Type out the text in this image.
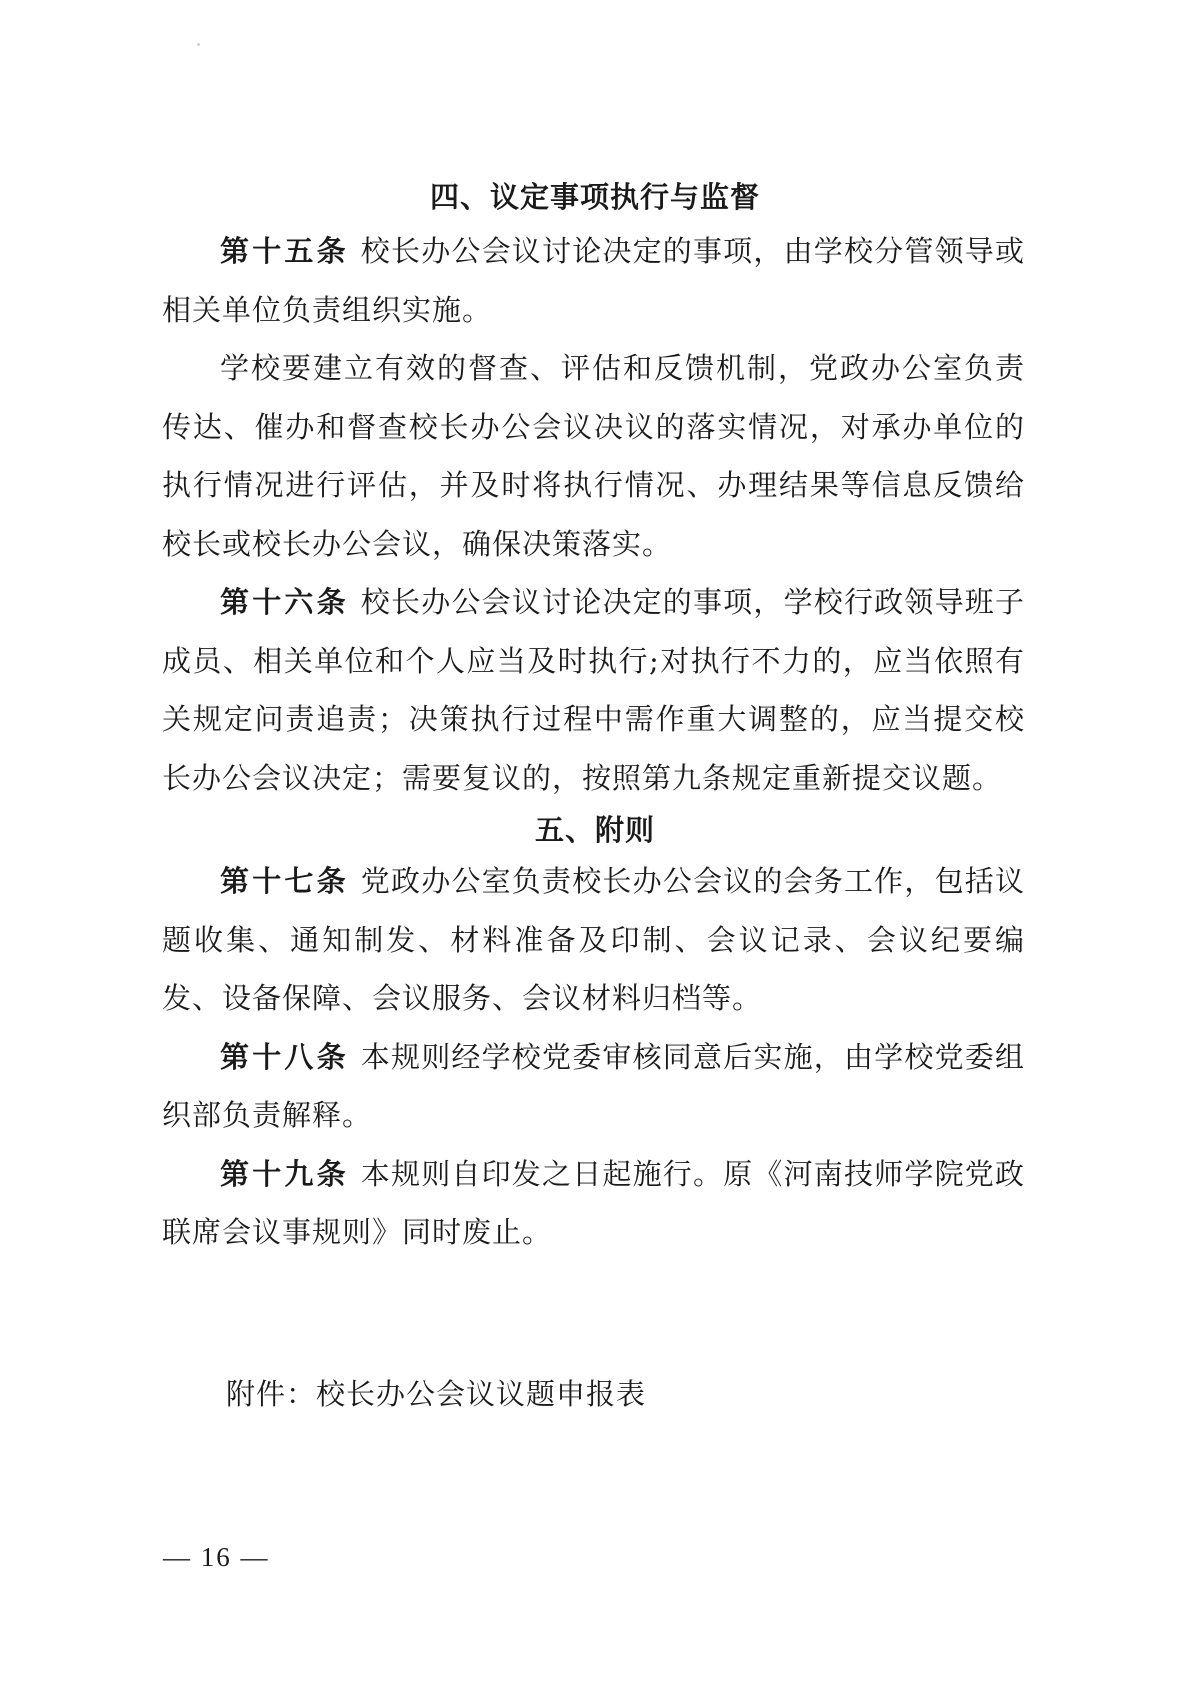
四、议定事项执行与监督

第十五条 校长办公会议讨论决定的事项，由学校分管领导或相关单位负责组织实施。

学校要建立有效的督查、评估和反馈机制，党政办公室负责传达、催办和督查校长办公会议决议的落实情况，对承办单位的执行情况进行评估，并及时将执行情况、办理结果等信息反馈给校长或校长办公会议，确保决策落实。

第十六条 校长办公会议讨论决定的事项，学校行政领导班子成员、相关单位和个人应当及时执行;对执行不力的，应当依照有关规定问责追责；决策执行过程中需作重大调整的，应当提交校长办公会议决定；需要复议的，按照第九条规定重新提交议题。

五、附则

第十七条 党政办公室负责校长办公会议的会务工作，包括议题收集、通知制发、材料准备及印制、会议记录、会议纪要编发、设备保障、会议服务、会议材料归档等。

第十八条 本规则经学校党委审核同意后实施，由学校党委组织部负责解释。

第十九条 本规则自印发之日起施行。原《河南技师学院党政联席会议事规则》同时废止。

附件：校长办公会议议题申报表
— 16 —
